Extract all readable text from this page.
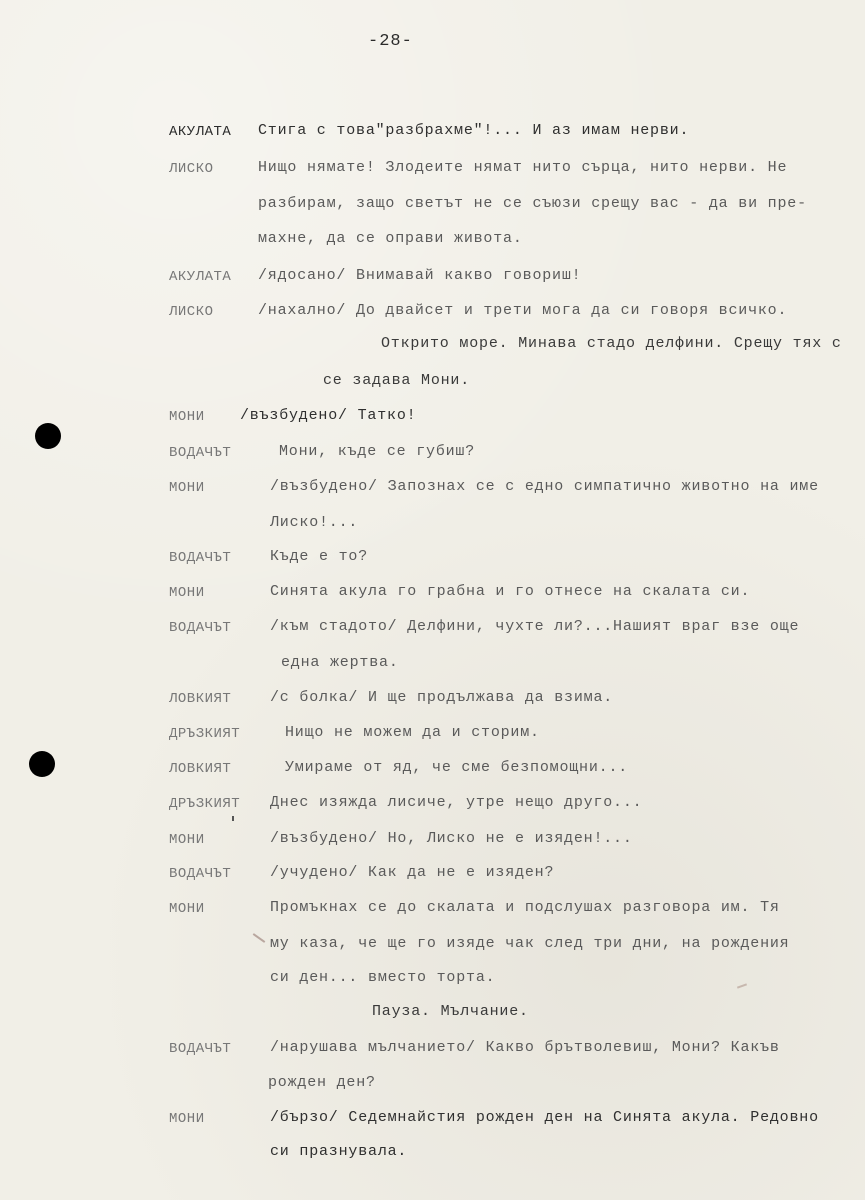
-28-
АКУЛАТА Стига с това"разбрахме"!... И аз имам нерви.
ЛИСКО	Нищо нямате! Злодеите нямат нито сърца, нито нерви. Не
разбирам, защо светът не се съюзи срещу вас - да ви пре-
махне, да се оправи живота.
АКУЛАТА /ядосано/ Внимавай какво говориш!
ЛИСКО	/нахално/ До двайсет и трети мога да си говоря всичко.
Открито море. Минава стадо делфини. Срещу тях с
се задава Мони.
МОНИ /възбудено/ Татко!
ВОДАЧЪТ	Мони, къде се губиш?
МОНИ	/възбудено/ Запознах се с едно симпатично животно на име
Лиско!...
ВОДАЧЪТ	Къде е то?
МОНИ	Синята акула го грабна и го отнесе на скалата си.
ВОДАЧЪТ	/към стадото/ Делфини, чухте ли?...Нашият враг взе още
една жертва.
ЛОВКИЯТ	/с болка/ И ще продължава да взима.
ДРЪЗКИЯТ	Нищо не можем да и сторим.
ЛОВКИЯТ	Умираме от яд, че сме безпомощни...
ДРЪЗКИЯТ Днес изяжда лисиче, утре нещо друго...
МОНИ	/възбудено/ Но, Лиско не е изяден!...
ВОДАЧЪТ	/учудено/ Как да не е изяден?
МОНИ	Промъкнах се до скалата и подслушах разговора им. Тя
му каза, че ще го изяде чак след три дни, на рождения
си ден... вместо торта.
Пауза. Мълчание.
ВОДАЧЪТ	/нарушава мълчанието/ Какво брътволевиш, Мони? Какъв
рожден ден?
МОНИ	/бързо/ Седемнайстия рожден ден на Синята акула. Редовно
си празнувала.
